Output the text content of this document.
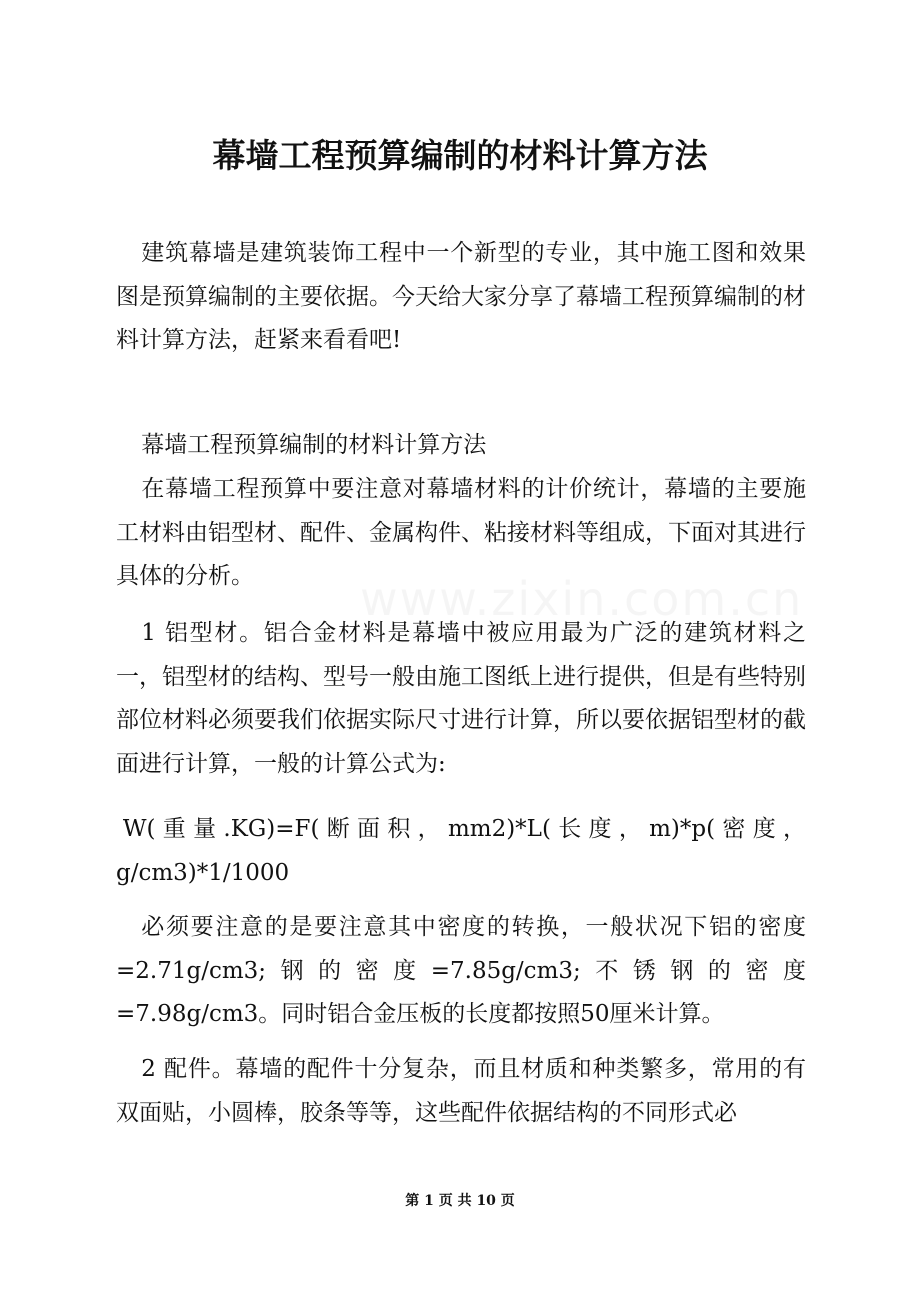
幕墙工程预算编制的材料计算方法
建筑幕墙是建筑装饰工程中一个新型的专业，其中施工图和效果图是预算编制的主要依据。今天给大家分享了幕墙工程预算编制的材料计算方法，赶紧来看看吧!
幕墙工程预算编制的材料计算方法
在幕墙工程预算中要注意对幕墙材料的计价统计，幕墙的主要施工材料由铝型材、配件、金属构件、粘接材料等组成，下面对其进行具体的分析。
1 铝型材。铝合金材料是幕墙中被应用最为广泛的建筑材料之一，铝型材的结构、型号一般由施工图纸上进行提供，但是有些特别部位材料必须要我们依据实际尺寸进行计算，所以要依据铝型材的截面进行计算，一般的计算公式为:
W(重量.KG)=F(断面积，mm2)*L(长度，m)*p(密度，g/cm3)*1/1000
必须要注意的是要注意其中密度的转换，一般状况下铝的密度=2.71g/cm3;钢的密度=7.85g/cm3;不锈钢的密度=7.98g/cm3。同时铝合金压板的长度都按照50厘米计算。
2 配件。幕墙的配件十分复杂，而且材质和种类繁多，常用的有双面贴，小圆棒，胶条等等，这些配件依据结构的不同形式必
第 1 页 共 10 页
